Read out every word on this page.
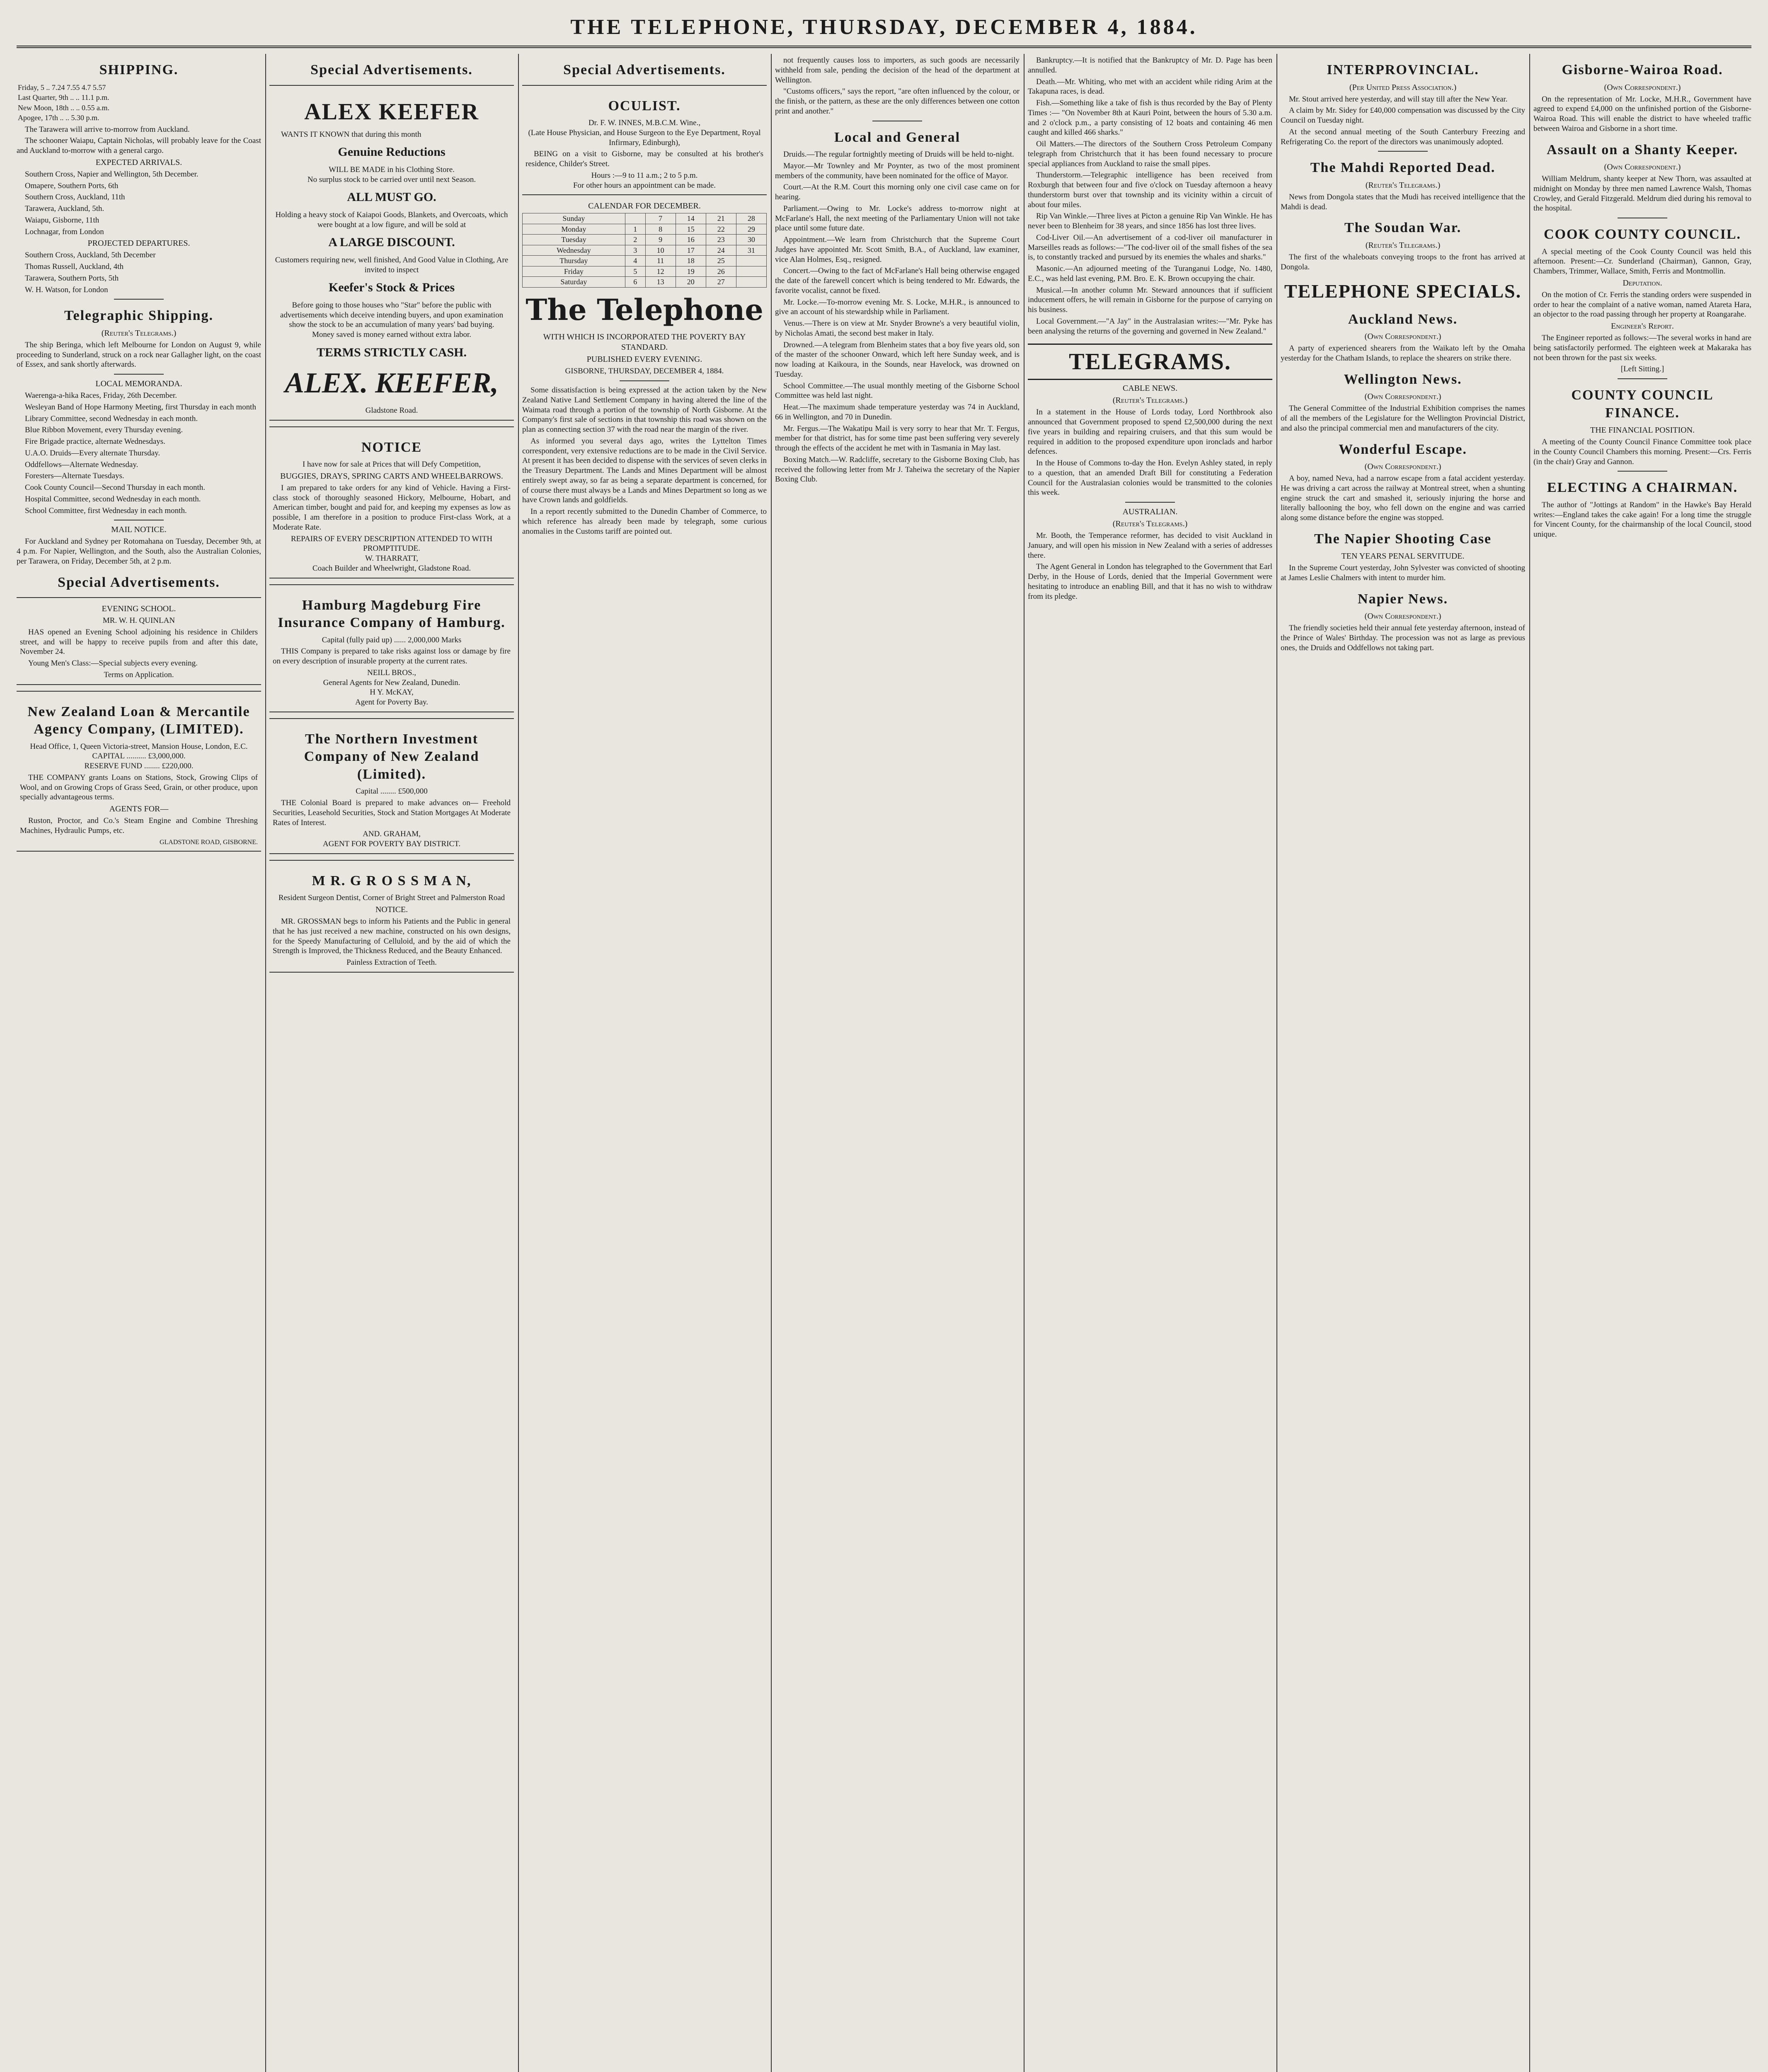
THE TELEPHONE, THURSDAY, DECEMBER 4, 1884.
SHIPPING.
Friday, 5 .. 7.24 7.55 4.7 5.57
Last Quarter, 9th .. .. 11.1 p.m.
New Moon, 18th .. .. 0.55 a.m.
Apogee, 17th .. .. 5.30 p.m.
The Tarawera will arrive to-morrow from Auckland.
The schooner Waiapu, Captain Nicholas, will probably leave for the Coast and Auckland to-morrow with a general cargo.
EXPECTED ARRIVALS.
Southern Cross, Napier and Wellington, 5th December.
Omapere, Southern Ports, 6th
Southern Cross, Auckland, 11th
Tarawera, Auckland, 5th.
Waiapu, Gisborne, 11th
Lochnagar, from London
PROJECTED DEPARTURES.
Southern Cross, Auckland, 5th December
Thomas Russell, Auckland, 4th
Tarawera, Southern Ports, 5th
W. H. Watson, for London
Telegraphic Shipping.
(Reuter's Telegrams.)
The ship Beringa, which left Melbourne for London on August 9, while proceeding to Sunderland, struck on a rock near Gallagher light, on the coast of Essex, and sank shortly afterwards.
LOCAL MEMORANDA.
Waerenga-a-hika Races, Friday, 26th December.
Wesleyan Band of Hope Harmony Meeting, first Thursday in each month
Library Committee, second Wednesday in each month.
Blue Ribbon Movement, every Thursday evening.
Fire Brigade practice, alternate Wednesdays.
U.A.O. Druids—Every alternate Thursday.
Oddfellows—Alternate Wednesday.
Foresters—Alternate Tuesdays.
Cook County Council—Second Thursday in each month.
Hospital Committee, second Wednesday in each month.
School Committee, first Wednesday in each month.
MAIL NOTICE.
For Auckland and Sydney per Rotomahana on Tuesday, December 9th, at 4 p.m. For Napier, Wellington, and the South, also the Australian Colonies, per Tarawera, on Friday, December 5th, at 2 p.m.
Special Advertisements.
EVENING SCHOOL.
MR. W. H. QUINLAN
HAS opened an Evening School adjoining his residence in Childers street, and will be happy to receive pupils from and after this date, November 24.
Young Men's Class:—Special subjects every evening.
Terms on Application.
New Zealand Loan & Mercantile Agency Company, (LIMITED).
Head Office, 1, Queen Victoria-street, Mansion House, London, E.C.
CAPITAL .......... £3,000,000.
RESERVE FUND ........ £220,000.
THE COMPANY grants Loans on Stations, Stock, Growing Clips of Wool, and on Growing Crops of Grass Seed, Grain, or other produce, upon specially advantageous terms.
AGENTS FOR—
Ruston, Proctor, and Co.'s Steam Engine and Combine Threshing Machines, Hydraulic Pumps, etc.
GLADSTONE ROAD, GISBORNE.
Special Advertisements.
ALEX KEEFER
WANTS IT KNOWN that during this month
Genuine Reductions
WILL BE MADE in his Clothing Store.
No surplus stock to be carried over until next Season.
ALL MUST GO.
Holding a heavy stock of Kaiapoi Goods, Blankets, and Overcoats, which were bought at a low figure, and will be sold at
A LARGE DISCOUNT.
Customers requiring new, well finished, And Good Value in Clothing, Are invited to inspect
Keefer's Stock & Prices
Before going to those houses who "Star" before the public with advertisements which deceive intending buyers, and upon examination show the stock to be an accumulation of many years' bad buying.
Money saved is money earned without extra labor.
TERMS STRICTLY CASH.
ALEX. KEEFER,
Gladstone Road.
NOTICE
I have now for sale at Prices that will Defy Competition,
BUGGIES, DRAYS, SPRING CARTS AND WHEELBARROWS.
I am prepared to take orders for any kind of Vehicle. Having a First-class stock of thoroughly seasoned Hickory, Melbourne, Hobart, and American timber, bought and paid for, and keeping my expenses as low as possible, I am therefore in a position to produce First-class Work, at a Moderate Rate.
REPAIRS OF EVERY DESCRIPTION ATTENDED TO WITH PROMPTITUDE.
W. THARRATT,
Coach Builder and Wheelwright, Gladstone Road.
Hamburg Magdeburg Fire Insurance Company of Hamburg.
Capital (fully paid up) ...... 2,000,000 Marks
THIS Company is prepared to take risks against loss or damage by fire on every description of insurable property at the current rates.
NEILL BROS.,
General Agents for New Zealand, Dunedin.
H Y. McKAY,
Agent for Poverty Bay.
The Northern Investment Company of New Zealand (Limited).
Capital ........ £500,000
THE Colonial Board is prepared to make advances on— Freehold Securities, Leasehold Securities, Stock and Station Mortgages At Moderate Rates of Interest.
AND. GRAHAM,
AGENT FOR POVERTY BAY DISTRICT.
M R. G R O S S M A N,
Resident Surgeon Dentist, Corner of Bright Street and Palmerston Road
NOTICE.
MR. GROSSMAN begs to inform his Patients and the Public in general that he has just received a new machine, constructed on his own designs, for the Speedy Manufacturing of Celluloid, and by the aid of which the Strength is Improved, the Thickness Reduced, and the Beauty Enhanced.
Painless Extraction of Teeth.
Special Advertisements.
OCULIST.
Dr. F. W. INNES, M.B.C.M. Wine.,
(Late House Physician, and House Surgeon to the Eye Department, Royal Infirmary, Edinburgh),
BEING on a visit to Gisborne, may be consulted at his brother's residence, Childer's Street.
Hours :—9 to 11 a.m.; 2 to 5 p.m.
For other hours an appointment can be made.
CALENDAR FOR DECEMBER.
Sunday		7	14	21	28
Monday	1	8	15	22	29
Tuesday	2	9	16	23	30
Wednesday	3	10	17	24	31
Thursday	4	11	18	25	
Friday	5	12	19	26	
Saturday	6	13	20	27	
The Telephone
WITH WHICH IS INCORPORATED THE POVERTY BAY STANDARD.
PUBLISHED EVERY EVENING.
GISBORNE, THURSDAY, DECEMBER 4, 1884.
Some dissatisfaction is being expressed at the action taken by the New Zealand Native Land Settlement Company in having altered the line of the Waimata road through a portion of the township of North Gisborne. At the Company's first sale of sections in that township this road was shown on the plan as connecting section 37 with the road near the margin of the river.
As informed you several days ago, writes the Lyttelton Times correspondent, very extensive reductions are to be made in the Civil Service. At present it has been decided to dispense with the services of seven clerks in the Treasury Department. The Lands and Mines Department will be almost entirely swept away, so far as being a separate department is concerned, for of course there must always be a Lands and Mines Department so long as we have Crown lands and goldfields.
In a report recently submitted to the Dunedin Chamber of Commerce, to which reference has already been made by telegraph, some curious anomalies in the Customs tariff are pointed out.
not frequently causes loss to importers, as such goods are necessarily withheld from sale, pending the decision of the head of the department at Wellington.
"Customs officers," says the report, "are often influenced by the colour, or the finish, or the pattern, as these are the only differences between one cotton print and another."
Local and General
Druids.—The regular fortnightly meeting of Druids will be held to-night.
Mayor.—Mr Townley and Mr Poynter, as two of the most prominent members of the community, have been nominated for the office of Mayor.
Court.—At the R.M. Court this morning only one civil case came on for hearing.
Parliament.—Owing to Mr. Locke's address to-morrow night at McFarlane's Hall, the next meeting of the Parliamentary Union will not take place until some future date.
Appointment.—We learn from Christchurch that the Supreme Court Judges have appointed Mr. Scott Smith, B.A., of Auckland, law examiner, vice Alan Holmes, Esq., resigned.
Concert.—Owing to the fact of McFarlane's Hall being otherwise engaged the date of the farewell concert which is being tendered to Mr. Edwards, the favorite vocalist, cannot be fixed.
Mr. Locke.—To-morrow evening Mr. S. Locke, M.H.R., is announced to give an account of his stewardship while in Parliament.
Venus.—There is on view at Mr. Snyder Browne's a very beautiful violin, by Nicholas Amati, the second best maker in Italy.
Drowned.—A telegram from Blenheim states that a boy five years old, son of the master of the schooner Onward, which left here Sunday week, and is now loading at Kaikoura, in the Sounds, near Havelock, was drowned on Tuesday.
School Committee.—The usual monthly meeting of the Gisborne School Committee was held last night.
Heat.—The maximum shade temperature yesterday was 74 in Auckland, 66 in Wellington, and 70 in Dunedin.
Mr. Fergus.—The Wakatipu Mail is very sorry to hear that Mr. T. Fergus, member for that district, has for some time past been suffering very severely through the effects of the accident he met with in Tasmania in May last.
Boxing Match.—W. Radcliffe, secretary to the Gisborne Boxing Club, has received the following letter from Mr J. Taheiwa the secretary of the Napier Boxing Club.
Bankruptcy.—It is notified that the Bankruptcy of Mr. D. Page has been annulled.
Death.—Mr. Whiting, who met with an accident while riding Arim at the Takapuna races, is dead.
Fish.—Something like a take of fish is thus recorded by the Bay of Plenty Times :— "On November 8th at Kauri Point, between the hours of 5.30 a.m. and 2 o'clock p.m., a party consisting of 12 boats and containing 46 men caught and killed 466 sharks."
Oil Matters.—The directors of the Southern Cross Petroleum Company telegraph from Christchurch that it has been found necessary to procure special appliances from Auckland to raise the small pipes.
Thunderstorm.—Telegraphic intelligence has been received from Roxburgh that between four and five o'clock on Tuesday afternoon a heavy thunderstorm burst over that township and its vicinity within a circuit of about four miles.
Rip Van Winkle.—Three lives at Picton a genuine Rip Van Winkle. He has never been to Blenheim for 38 years, and since 1856 has lost three lives.
Cod-Liver Oil.—An advertisement of a cod-liver oil manufacturer in Marseilles reads as follows:—"The cod-liver oil of the small fishes of the sea is, to constantly tracked and pursued by its enemies the whales and sharks."
Masonic.—An adjourned meeting of the Turanganui Lodge, No. 1480, E.C., was held last evening, P.M. Bro. E. K. Brown occupying the chair.
Musical.—In another column Mr. Steward announces that if sufficient inducement offers, he will remain in Gisborne for the purpose of carrying on his business.
Local Government.—"A Jay" in the Australasian writes:—"Mr. Pyke has been analysing the returns of the governing and governed in New Zealand."
TELEGRAMS.
CABLE NEWS.
(Reuter's Telegrams.)
In a statement in the House of Lords today, Lord Northbrook also announced that Government proposed to spend £2,500,000 during the next five years in building and repairing cruisers, and that this sum would be required in addition to the proposed expenditure upon ironclads and harbor defences.
In the House of Commons to-day the Hon. Evelyn Ashley stated, in reply to a question, that an amended Draft Bill for constituting a Federation Council for the Australasian colonies would be transmitted to the colonies this week.
AUSTRALIAN.
(Reuter's Telegrams.)
Mr. Booth, the Temperance reformer, has decided to visit Auckland in January, and will open his mission in New Zealand with a series of addresses there.
The Agent General in London has telegraphed to the Government that Earl Derby, in the House of Lords, denied that the Imperial Government were hesitating to introduce an enabling Bill, and that it has no wish to withdraw from its pledge.
INTERPROVINCIAL.
(Per United Press Association.)
Mr. Stout arrived here yesterday, and will stay till after the New Year.
A claim by Mr. Sidey for £40,000 compensation was discussed by the City Council on Tuesday night.
At the second annual meeting of the South Canterbury Freezing and Refrigerating Co. the report of the directors was unanimously adopted.
The Mahdi Reported Dead.
(Reuter's Telegrams.)
News from Dongola states that the Mudi has received intelligence that the Mahdi is dead.
The Soudan War.
(Reuter's Telegrams.)
The first of the whaleboats conveying troops to the front has arrived at Dongola.
TELEPHONE SPECIALS.
Auckland News.
(Own Correspondent.)
A party of experienced shearers from the Waikato left by the Omaha yesterday for the Chatham Islands, to replace the shearers on strike there.
Wellington News.
(Own Correspondent.)
The General Committee of the Industrial Exhibition comprises the names of all the members of the Legislature for the Wellington Provincial District, and also the principal commercial men and manufacturers of the city.
Wonderful Escape.
(Own Correspondent.)
A boy, named Neva, had a narrow escape from a fatal accident yesterday. He was driving a cart across the railway at Montreal street, when a shunting engine struck the cart and smashed it, seriously injuring the horse and literally ballooning the boy, who fell down on the engine and was carried along some distance before the engine was stopped.
The Napier Shooting Case
TEN YEARS PENAL SERVITUDE.
In the Supreme Court yesterday, John Sylvester was convicted of shooting at James Leslie Chalmers with intent to murder him.
Napier News.
(Own Correspondent.)
The friendly societies held their annual fete yesterday afternoon, instead of the Prince of Wales' Birthday. The procession was not as large as previous ones, the Druids and Oddfellows not taking part.
Gisborne-Wairoa Road.
(Own Correspondent.)
On the representation of Mr. Locke, M.H.R., Government have agreed to expend £4,000 on the unfinished portion of the Gisborne-Wairoa Road. This will enable the district to have wheeled traffic between Wairoa and Gisborne in a short time.
Assault on a Shanty Keeper.
(Own Correspondent.)
William Meldrum, shanty keeper at New Thorn, was assaulted at midnight on Monday by three men named Lawrence Walsh, Thomas Crowley, and Gerald Fitzgerald. Meldrum died during his removal to the hospital.
COOK COUNTY COUNCIL.
A special meeting of the Cook County Council was held this afternoon. Present:—Cr. Sunderland (Chairman), Gannon, Gray, Chambers, Trimmer, Wallace, Smith, Ferris and Montmollin.
Deputation.
On the motion of Cr. Ferris the standing orders were suspended in order to hear the complaint of a native woman, named Atareta Hara, an objector to the road passing through her property at Roangarahe.
Engineer's Report.
The Engineer reported as follows:—The several works in hand are being satisfactorily performed. The eighteen week at Makaraka has not been thrown for the past six weeks.
[Left Sitting.]
COUNTY COUNCIL FINANCE.
THE FINANCIAL POSITION.
A meeting of the County Council Finance Committee took place in the County Council Chambers this morning. Present:—Crs. Ferris (in the chair) Gray and Gannon.
ELECTING A CHAIRMAN.
The author of "Jottings at Random" in the Hawke's Bay Herald writes:—England takes the cake again! For a long time the struggle for Vincent County, for the chairmanship of the local Council, stood unique.
